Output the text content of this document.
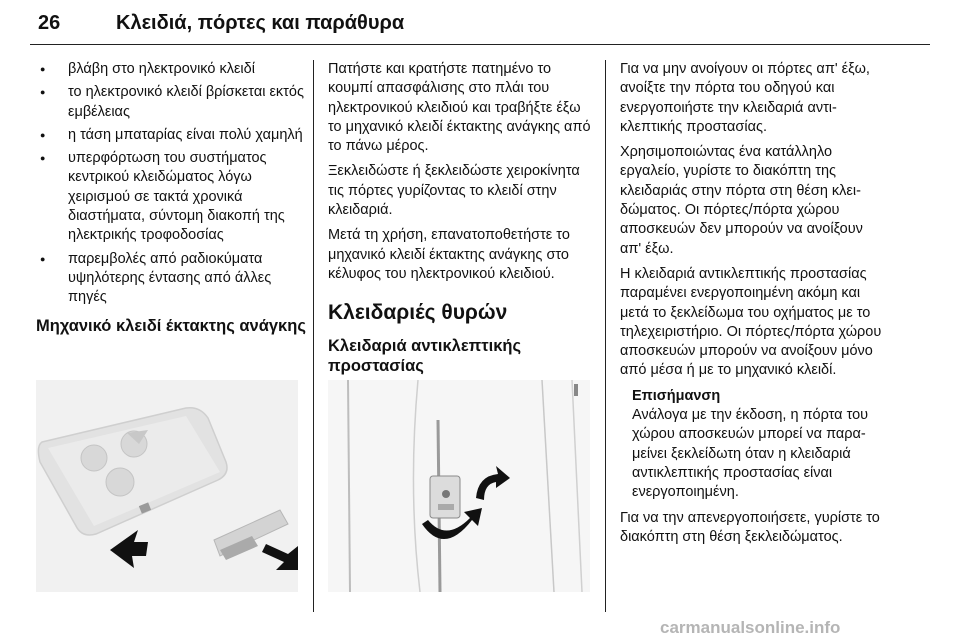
26	Κλειδιά, πόρτες και παράθυρα
● βλάβη στο ηλεκτρονικό κλειδί
● το ηλεκτρονικό κλειδί βρίσκεται εκτός εμβέλειας
● η τάση μπαταρίας είναι πολύ χαμηλή
● υπερφόρτωση του συστήματος κεντρικού κλειδώματος λόγω χειρισμού σε τακτά χρονικά διαστήματα, σύντομη διακοπή της ηλεκτρικής τροφοδοσίας
● παρεμβολές από ραδιοκύματα υψηλότερης έντασης από άλλες πηγές
Μηχανικό κλειδί έκτακτης ανάγκης

Πατήστε και κρατήστε πατημένο το κουμπί απασφάλισης στο πλάι του ηλεκτρονικού κλειδιού και τραβήξτε έξω το μηχανικό κλειδί έκτακτης ανάγκης από το πάνω μέρος.

Ξεκλειδώστε ή ξεκλειδώστε χειροκίνητα τις πόρτες γυρίζοντας το κλειδί στην κλειδαριά.

Μετά τη χρήση, επανατοποθετήστε το μηχανικό κλειδί έκτακτης ανάγκης στο κέλυφος του ηλεκτρονικού κλειδιού.

Κλειδαριές θυρών
Κλειδαριά αντικλεπτικής προστασίας

Για να μην ανοίγουν οι πόρτες απ' έξω, ανοίξτε την πόρτα του οδηγού και ενεργοποιήστε την κλειδαριά αντικλεπτικής προστασίας.

Χρησιμοποιώντας ένα κατάλληλο εργαλείο, γυρίστε το διακόπτη της κλειδαριάς στην πόρτα στη θέση κλειδώματος. Οι πόρτες/πόρτα χώρου αποσκευών δεν μπορούν να ανοίξουν απ' έξω.

Η κλειδαριά αντικλεπτικής προστασίας παραμένει ενεργοποιημένη ακόμη και μετά το ξεκλείδωμα του οχήματος με το τηλεχειριστήριο. Οι πόρτες/πόρτα χώρου αποσκευών μπορούν να ανοίξουν μόνο από μέσα ή με το μηχανικό κλειδί.

Επισήμανση
Ανάλογα με την έκδοση, η πόρτα του χώρου αποσκευών μπορεί να παραμείνει ξεκλείδωτη όταν η κλειδαριά αντικλεπτικής προστασίας είναι ενεργοποιημένη.

Για να την απενεργοποιήσετε, γυρίστε το διακόπτη στη θέση ξεκλειδώματος.

carmanualsonline.info
